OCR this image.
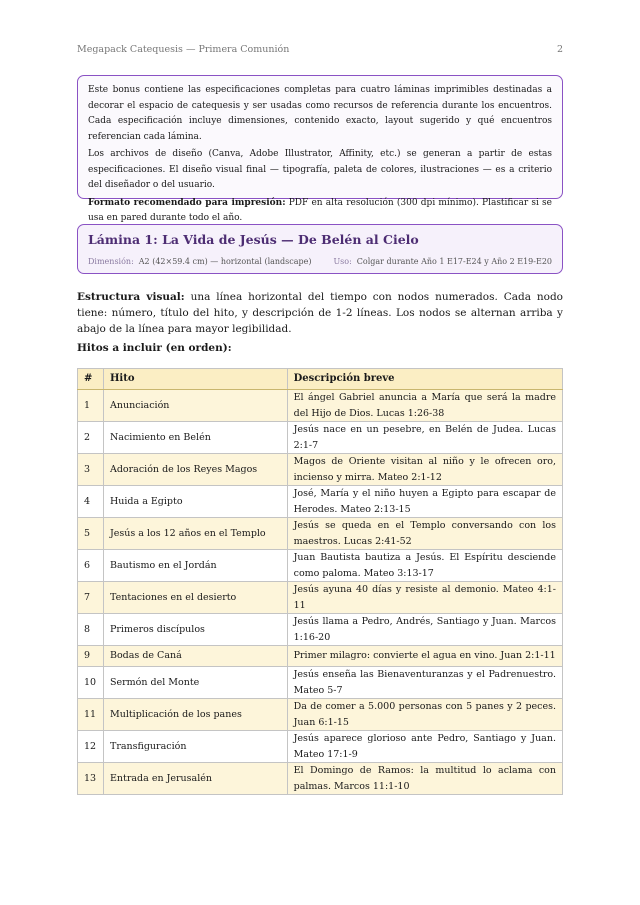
Megapack Catequesis — Primera Comunión	2

Este bonus contiene las especificaciones completas para cuatro láminas imprimibles destinadas a decorar el espacio de catequesis y ser usadas como recursos de referencia durante los encuentros. Cada especificación incluye dimensiones, contenido exacto, layout sugerido y qué encuentros referencian cada lámina.

Los archivos de diseño (Canva, Adobe Illustrator, Affinity, etc.) se generan a partir de estas especificaciones. El diseño visual final — tipografía, paleta de colores, ilustraciones — es a criterio del diseñador o del usuario.

Formato recomendado para impresión: PDF en alta resolución (300 dpi mínimo). Plastificar si se usa en pared durante todo el año.

Lámina 1: La Vida de Jesús — De Belén al Cielo
Dimensión: A2 (42×59.4 cm) — horizontal (landscape)	Uso: Colgar durante Año 1 E17-E24 y Año 2 E19-E20

Estructura visual: una línea horizontal del tiempo con nodos numerados. Cada nodo tiene: número, título del hito, y descripción de 1-2 líneas. Los nodos se alternan arriba y abajo de la línea para mayor legibilidad.

Hitos a incluir (en orden):

#	Hito	Descripción breve
1	Anunciación	El ángel Gabriel anuncia a María que será la madre del Hijo de Dios. Lucas 1:26-38
2	Nacimiento en Belén	Jesús nace en un pesebre, en Belén de Judea. Lucas 2:1-7
3	Adoración de los Reyes Magos	Magos de Oriente visitan al niño y le ofrecen oro, incienso y mirra. Mateo 2:1-12
4	Huida a Egipto	José, María y el niño huyen a Egipto para escapar de Herodes. Mateo 2:13-15
5	Jesús a los 12 años en el Templo	Jesús se queda en el Templo conversando con los maestros. Lucas 2:41-52
6	Bautismo en el Jordán	Juan Bautista bautiza a Jesús. El Espíritu desciende como paloma. Mateo 3:13-17
7	Tentaciones en el desierto	Jesús ayuna 40 días y resiste al demonio. Mateo 4:1-11
8	Primeros discípulos	Jesús llama a Pedro, Andrés, Santiago y Juan. Marcos 1:16-20
9	Bodas de Caná	Primer milagro: convierte el agua en vino. Juan 2:1-11
10	Sermón del Monte	Jesús enseña las Bienaventuranzas y el Padrenuestro. Mateo 5-7
11	Multiplicación de los panes	Da de comer a 5.000 personas con 5 panes y 2 peces. Juan 6:1-15
12	Transfiguración	Jesús aparece glorioso ante Pedro, Santiago y Juan. Mateo 17:1-9
13	Entrada en Jerusalén	El Domingo de Ramos: la multitud lo aclama con palmas. Marcos 11:1-10
